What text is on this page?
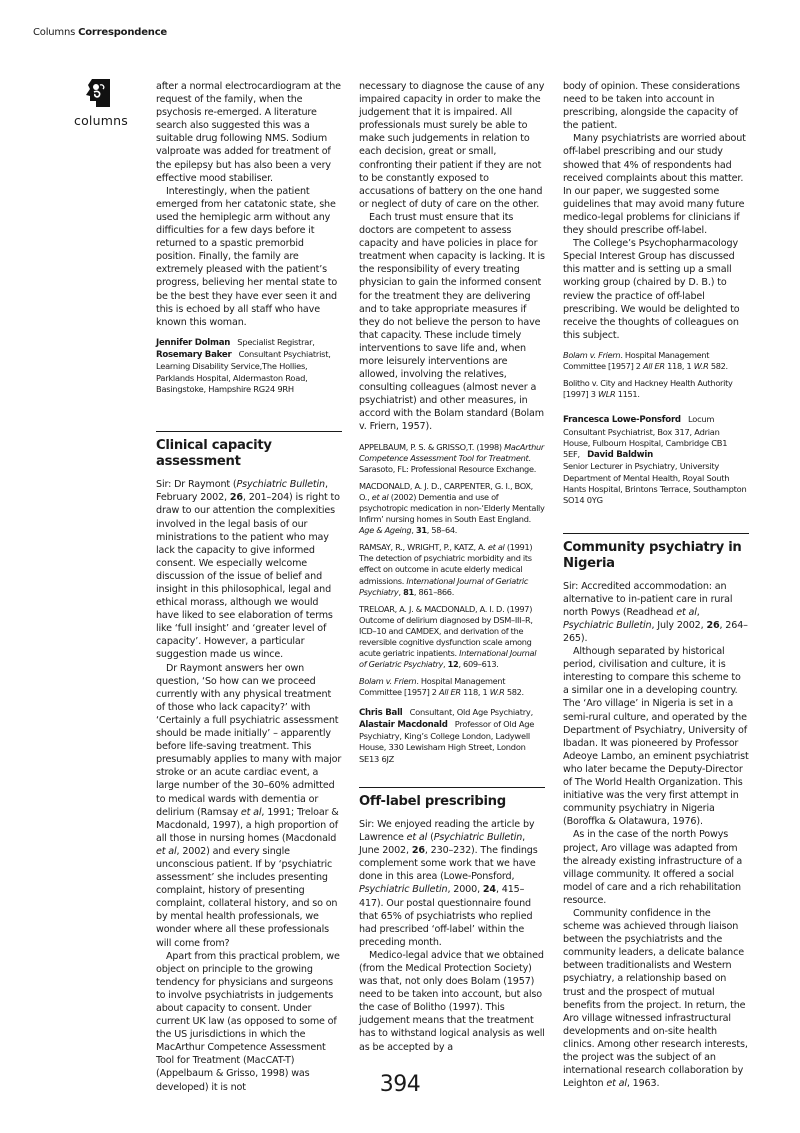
Columns Correspondence
columns

after a normal electrocardiogram at the request of the family, when the psychosis re-emerged. A literature search also suggested this was a suitable drug following NMS. Sodium valproate was added for treatment of the epilepsy but has also been a very effective mood stabiliser.

Interestingly, when the patient emerged from her catatonic state, she used the hemiplegic arm without any difficulties for a few days before it returned to a spastic premorbid position. Finally, the family are extremely pleased with the patient’s progress, believing her mental state to be the best they have ever seen it and this is echoed by all staff who have known this woman.

Jennifer Dolman Specialist Registrar,
Rosemary Baker Consultant Psychiatrist, Learning Disability Service,The Hollies, Parklands Hospital, Aldermaston Road, Basingstoke, Hampshire RG24 9RH
Clinical capacity assessment

Sir: Dr Raymont (Psychiatric Bulletin, February 2002, 26, 201–204) is right to draw to our attention the complexities involved in the legal basis of our ministrations to the patient who may lack the capacity to give informed consent. We especially welcome discussion of the issue of belief and insight in this philosophical, legal and ethical morass, although we would have liked to see elaboration of terms like ‘full insight’ and ‘greater level of capacity’. However, a particular suggestion made us wince.

Dr Raymont answers her own question, ‘So how can we proceed currently with any physical treatment of those who lack capacity?’ with ‘Certainly a full psychiatric assessment should be made initially’ – apparently before life-saving treatment. This presumably applies to many with major stroke or an acute cardiac event, a large number of the 30–60% admitted to medical wards with dementia or delirium (Ramsay et al, 1991; Treloar & Macdonald, 1997), a high proportion of all those in nursing homes (Macdonald et al, 2002) and every single unconscious patient. If by ‘psychiatric assessment’ she includes presenting complaint, history of presenting complaint, collateral history, and so on by mental health professionals, we wonder where all these professionals will come from?

Apart from this practical problem, we object on principle to the growing tendency for physicians and surgeons to involve psychiatrists in judgements about capacity to consent. Under current UK law (as opposed to some of the US jurisdictions in which the MacArthur Competence Assessment Tool for Treatment (MacCAT-T) (Appelbaum & Grisso, 1998) was developed) it is not

necessary to diagnose the cause of any impaired capacity in order to make the judgement that it is impaired. All professionals must surely be able to make such judgements in relation to each decision, great or small, confronting their patient if they are not to be constantly exposed to accusations of battery on the one hand or neglect of duty of care on the other.

Each trust must ensure that its doctors are competent to assess capacity and have policies in place for treatment when capacity is lacking. It is the responsibility of every treating physician to gain the informed consent for the treatment they are delivering and to take appropriate measures if they do not believe the person to have that capacity. These include timely interventions to save life and, when more leisurely interventions are allowed, involving the relatives, consulting colleagues (almost never a psychiatrist) and other measures, in accord with the Bolam standard (Bolam v. Friern, 1957).

APPELBAUM, P. S. & GRISSO,T. (1998) MacArthur Competence Assessment Tool for Treatment. Sarasoto, FL: Professional Resource Exchange.
MACDONALD, A. J. D., CARPENTER, G. I., BOX, O., et al (2002) Dementia and use of psychotropic medication in non-‘Elderly Mentally Infirm’ nursing homes in South East England. Age & Ageing, 31, 58–64.
RAMSAY, R., WRIGHT, P., KATZ, A. et al (1991) The detection of psychiatric morbidity and its effect on outcome in acute elderly medical admissions. International Journal of Geriatric Psychiatry, 81, 861–866.
TRELOAR, A. J. & MACDONALD, A. I. D. (1997) Outcome of delirium diagnosed by DSM–III–R, ICD–10 and CAMDEX, and derivation of the reversible cognitive dysfunction scale among acute geriatric inpatients. International Journal of Geriatric Psychiatry, 12, 609–613.
Bolam v. Friern. Hospital Management Committee [1957] 2 All ER 118, 1 W.R 582.
Chris Ball Consultant, Old Age Psychiatry,
Alastair Macdonald Professor of Old Age Psychiatry, King’s College London, Ladywell House, 330 Lewisham High Street, London SE13 6JZ
Off-label prescribing

Sir: We enjoyed reading the article by Lawrence et al (Psychiatric Bulletin, June 2002, 26, 230–232). The findings complement some work that we have done in this area (Lowe-Ponsford, Psychiatric Bulletin, 2000, 24, 415–417). Our postal questionnaire found that 65% of psychiatrists who replied had prescribed ‘off-label’ within the preceding month.

Medico-legal advice that we obtained (from the Medical Protection Society) was that, not only does Bolam (1957) need to be taken into account, but also the case of Bolitho (1997). This judgement means that the treatment has to withstand logical analysis as well as be accepted by a

body of opinion. These considerations need to be taken into account in prescribing, alongside the capacity of the patient.

Many psychiatrists are worried about off-label prescribing and our study showed that 4% of respondents had received complaints about this matter. In our paper, we suggested some guidelines that may avoid many future medico-legal problems for clinicians if they should prescribe off-label.

The College’s Psychopharmacology Special Interest Group has discussed this matter and is setting up a small working group (chaired by D. B.) to review the practice of off-label prescribing. We would be delighted to receive the thoughts of colleagues on this subject.

Bolam v. Friern. Hospital Management Committee [1957] 2 All ER 118, 1 W.R 582.
Bolitho v. City and Hackney Health Authority [1997] 3 WLR 1151.
Francesca Lowe-Ponsford Locum Consultant Psychiatrist, Box 317, Adrian House, Fulbourn Hospital, Cambridge CB1 5EF, David Baldwin
Senior Lecturer in Psychiatry, University Department of Mental Health, Royal South Hants Hospital, Brintons Terrace, Southampton SO14 0YG
Community psychiatry in Nigeria

Sir: Accredited accommodation: an alternative to in-patient care in rural north Powys (Readhead et al, Psychiatric Bulletin, July 2002, 26, 264–265).

Although separated by historical period, civilisation and culture, it is interesting to compare this scheme to a similar one in a developing country. The ‘Aro village’ in Nigeria is set in a semi-rural culture, and operated by the Department of Psychiatry, University of Ibadan. It was pioneered by Professor Adeoye Lambo, an eminent psychiatrist who later became the Deputy-Director of The World Health Organization. This initiative was the very first attempt in community psychiatry in Nigeria (Boroffka & Olatawura, 1976).

As in the case of the north Powys project, Aro village was adapted from the already existing infrastructure of a village community. It offered a social model of care and a rich rehabilitation resource.

Community confidence in the scheme was achieved through liaison between the psychiatrists and the community leaders, a delicate balance between traditionalists and Western psychiatry, a relationship based on trust and the prospect of mutual benefits from the project. In return, the Aro village witnessed infrastructural developments and on-site health clinics. Among other research interests, the project was the subject of an international research collaboration by Leighton et al, 1963.

394
